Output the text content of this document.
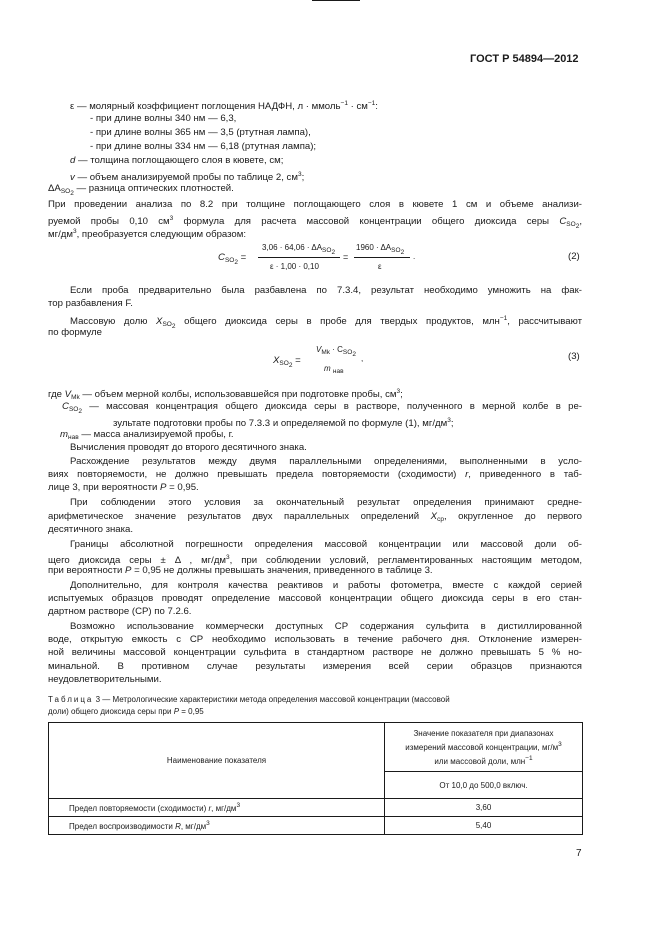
ГОСТ Р 54894—2012
ε — молярный коэффициент поглощения НАДФН, л · ммоль$^{-1}$ · $см^{-1}$:
- при длине волны 340 нм — 6,3,
- при длине волны 365 нм — 3,5 (ртутная лампа),
- при длине волны 334 нм — 6,18 (ртутная лампа);
d — толщина поглощающего слоя в кювете, см;
v — объем анализируемой пробы по таблице 2, $см^3$;
$\Delta A_{SO_2}$ — разница оптических плотностей.
При проведении анализа по 8.2 при толщине поглощающего слоя в кювете 1 см и объеме анализи-
руемой пробы 0,10 $см^3$ формула для расчета массовой концентрации общего диоксида серы $C_{SO_2}$,
$мг/дм^3$, преобразуется следующим образом:
$C_{SO_2}$ =
$3,06 \cdot 64,06 \cdot \Delta A_{SO_2}$
ε · 1,00 · 0,10
=
$1960 \cdot \Delta A_{SO_2}$
ε
.	(2)
Если проба предварительно была разбавлена по 7.3.4, результат необходимо умножить на фак-
тор разбавления F.
Массовую долю $X_{SO_2}$ общего диоксида серы в пробе для твердых продуктов, млн$^{-1}$, рассчитывают
по формуле
$X_{SO_2}$ =
$V_{Mk} \cdot C_{SO_2}$
m $_{нав}$
,	(3)
где $V_{Mk}$ — объем мерной колбы, использовавшейся при подготовке пробы, $см^3$;
$C_{SO_2}$ — массовая концентрация общего диоксида серы в растворе, полученного в мерной колбе в ре-
зультате подготовки пробы по 7.3.3 и определяемой по формуле (1), $мг/дм^3$;
$m_{нав}$ — масса анализируемой пробы, г.
Вычисления проводят до второго десятичного знака.
Расхождение результатов между двумя параллельными определениями, выполненными в усло-
виях повторяемости, не должно превышать предела повторяемости (сходимости) r, приведенного в таб-
лице 3, при вероятности P = 0,95.
При соблюдении этого условия за окончательный результат определения принимают средне-
арифметическое значение результатов двух параллельных определений $X_{ср}$, округленное до первого
десятичного знака.
Границы абсолютной погрешности определения массовой концентрации или массовой доли об-
щего диоксида серы ± Δ , $мг/дм^3$, при соблюдении условий, регламентированных настоящим методом,
при вероятности P = 0,95 не должны превышать значения, приведенного в таблице 3.
Дополнительно, для контроля качества реактивов и работы фотометра, вместе с каждой серией
испытуемых образцов проводят определение массовой концентрации общего диоксида серы в его стан-
дартном растворе (СР) по 7.2.6.
Возможно использование коммерчески доступных СР содержания сульфита в дистиллированной
воде, открытую емкость с СР необходимо использовать в течение рабочего дня. Отклонение измерен-
ной величины массовой концентрации сульфита в стандартном растворе не должно превышать 5 % но-
минальной. В противном случае результаты измерения всей серии образцов признаются
неудовлетворительными.
Таблица 3 — Метрологические характеристики метода определения массовой концентрации (массовой
доли) общего диоксида серы при P = 0,95
Наименование показателя	Значение показателя при диапазонах
измерений массовой концентрации, $мг/м^3$
или массовой доли, млн$^{-1}$

	От 10,0 до 500,0 включ.
Предел повторяемости (сходимости) r, $мг/дм^3$	3,60
Предел воспроизводимости R, $мг/дм^3$	5,40
7
